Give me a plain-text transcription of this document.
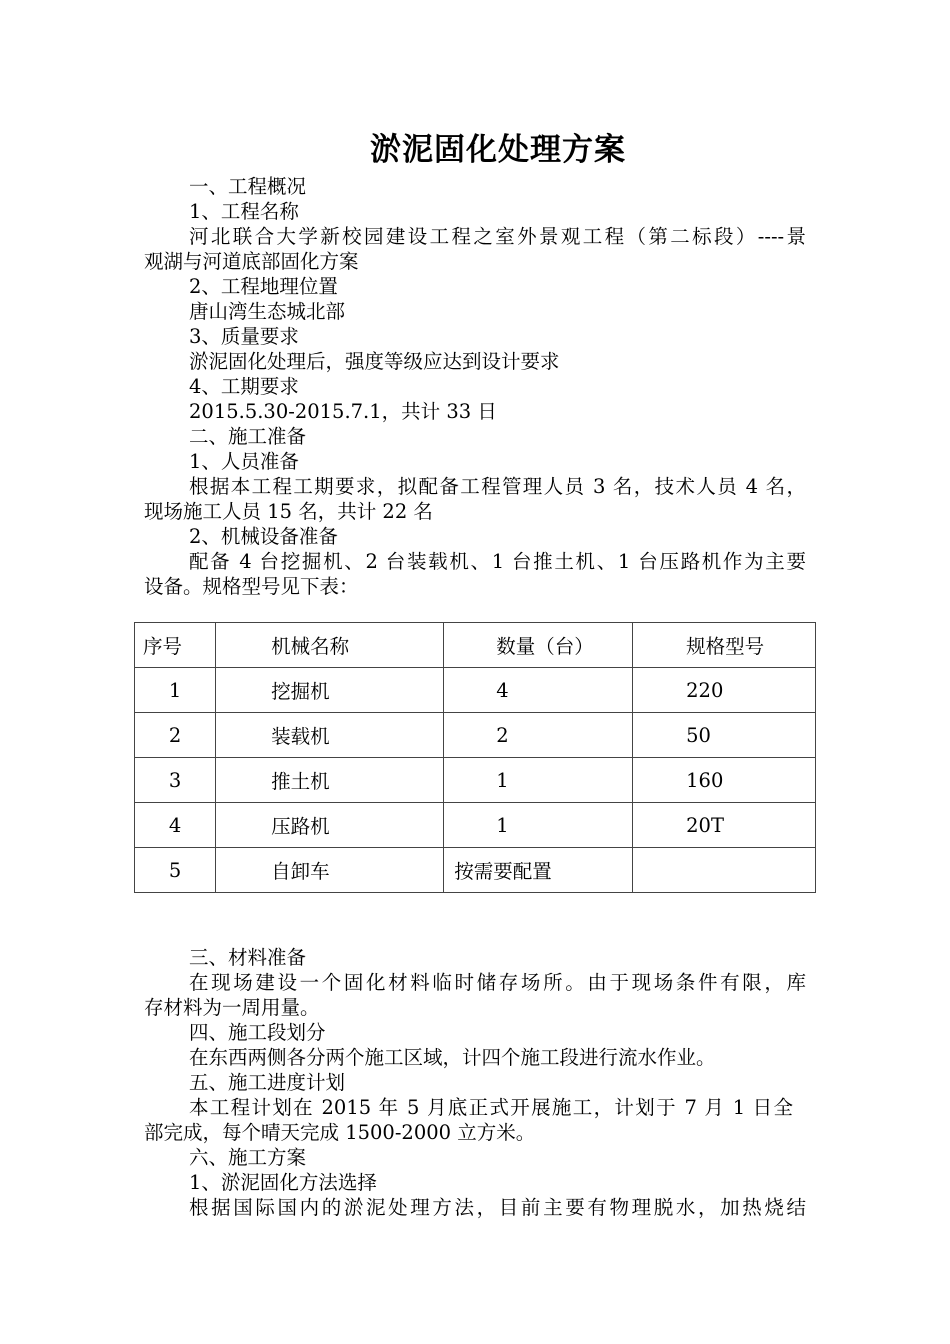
淤泥固化处理方案
一、工程概况
1、工程名称
河北联合大学新校园建设工程之室外景观工程（第二标段）----景
观湖与河道底部固化方案
2、工程地理位置
唐山湾生态城北部
3、质量要求
淤泥固化处理后，强度等级应达到设计要求
4、工期要求
2015.5.30-2015.7.1，共计 33 日
二、施工准备
1、人员准备
根据本工程工期要求，拟配备工程管理人员 3 名，技术人员 4 名，
现场施工人员 15 名，共计 22 名
2、机械设备准备
配备 4 台挖掘机、2 台装载机、1 台推土机、1 台压路机作为主要
设备。规格型号见下表：
序号	机械名称	数量（台）	规格型号
1	挖掘机	4	220
2	装载机	2	50
3	推土机	1	160
4	压路机	1	20T
5	自卸车	按需要配置	
三、材料准备
在现场建设一个固化材料临时储存场所。由于现场条件有限，库
存材料为一周用量。
四、施工段划分
在东西两侧各分两个施工区域，计四个施工段进行流水作业。
五、施工进度计划
本工程计划在 2015 年 5 月底正式开展施工，计划于 7 月 1 日全
部完成，每个晴天完成 1500-2000 立方米。
六、施工方案
1、淤泥固化方法选择
根据国际国内的淤泥处理方法，目前主要有物理脱水，加热烧结
